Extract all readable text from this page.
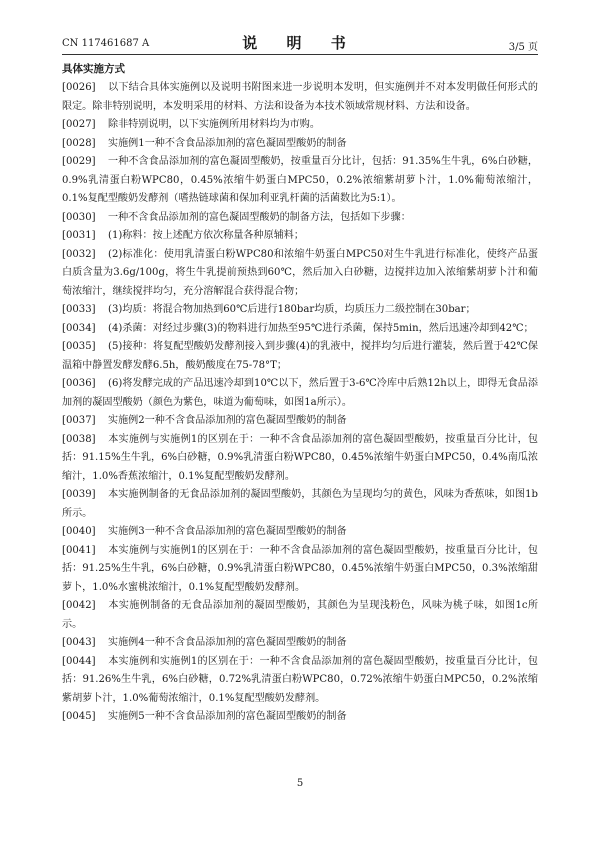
CN 117461687 A	说 明 书	3/5 页

具体实施方式

[0026] 以下结合具体实施例以及说明书附图来进一步说明本发明，但实施例并不对本发明做任何形式的限定。除非特别说明，本发明采用的材料、方法和设备为本技术领域常规材料、方法和设备。

[0027] 除非特别说明，以下实施例所用材料均为市购。

[0028] 实施例1一种不含食品添加剂的富色凝固型酸奶的制备

[0029] 一种不含食品添加剂的富色凝固型酸奶，按重量百分比计，包括：91.35%生牛乳，6%白砂糖，0.9%乳清蛋白粉WPC80，0.45%浓缩牛奶蛋白MPC50，0.2%浓缩紫胡萝卜汁，1.0%葡萄浓缩汁，0.1%复配型酸奶发酵剂（嗜热链球菌和保加利亚乳杆菌的活菌数比为5:1）。

[0030] 一种不含食品添加剂的富色凝固型酸奶的制备方法，包括如下步骤：

[0031] (1)称料：按上述配方依次称量各种原辅料；

[0032] (2)标准化：使用乳清蛋白粉WPC80和浓缩牛奶蛋白MPC50对生牛乳进行标准化，使终产品蛋白质含量为3.6g/100g，将生牛乳提前预热到60℃，然后加入白砂糖，边搅拌边加入浓缩紫胡萝卜汁和葡萄浓缩汁，继续搅拌均匀，充分溶解混合获得混合物；

[0033] (3)均质：将混合物加热到60℃后进行180bar均质，均质压力二级控制在30bar；

[0034] (4)杀菌：对经过步骤(3)的物料进行加热至95℃进行杀菌，保持5min，然后迅速冷却到42℃；

[0035] (5)接种：将复配型酸奶发酵剂接入到步骤(4)的乳液中，搅拌均匀后进行灌装，然后置于42℃保温箱中静置发酵发酵6.5h，酸奶酸度在75-78°T；

[0036] (6)将发酵完成的产品迅速冷却到10℃以下，然后置于3-6℃冷库中后熟12h以上，即得无食品添加剂的凝固型酸奶（颜色为紫色，味道为葡萄味，如图1a所示）。

[0037] 实施例2一种不含食品添加剂的富色凝固型酸奶的制备

[0038] 本实施例与实施例1的区别在于：一种不含食品添加剂的富色凝固型酸奶，按重量百分比计，包括：91.15%生牛乳，6%白砂糖，0.9%乳清蛋白粉WPC80，0.45%浓缩牛奶蛋白MPC50，0.4%南瓜浓缩汁，1.0%香蕉浓缩汁，0.1%复配型酸奶发酵剂。

[0039] 本实施例制备的无食品添加剂的凝固型酸奶，其颜色为呈现均匀的黄色，风味为香蕉味，如图1b所示。

[0040] 实施例3一种不含食品添加剂的富色凝固型酸奶的制备

[0041] 本实施例与实施例1的区别在于：一种不含食品添加剂的富色凝固型酸奶，按重量百分比计，包括：91.25%生牛乳，6%白砂糖，0.9%乳清蛋白粉WPC80，0.45%浓缩牛奶蛋白MPC50，0.3%浓缩甜萝卜，1.0%水蜜桃浓缩汁，0.1%复配型酸奶发酵剂。

[0042] 本实施例制备的无食品添加剂的凝固型酸奶，其颜色为呈现浅粉色，风味为桃子味，如图1c所示。

[0043] 实施例4一种不含食品添加剂的富色凝固型酸奶的制备

[0044] 本实施例和实施例1的区别在于：一种不含食品添加剂的富色凝固型酸奶，按重量百分比计，包括：91.26%生牛乳，6%白砂糖，0.72%乳清蛋白粉WPC80，0.72%浓缩牛奶蛋白MPC50，0.2%浓缩紫胡萝卜汁，1.0%葡萄浓缩汁，0.1%复配型酸奶发酵剂。

[0045] 实施例5一种不含食品添加剂的富色凝固型酸奶的制备

5
